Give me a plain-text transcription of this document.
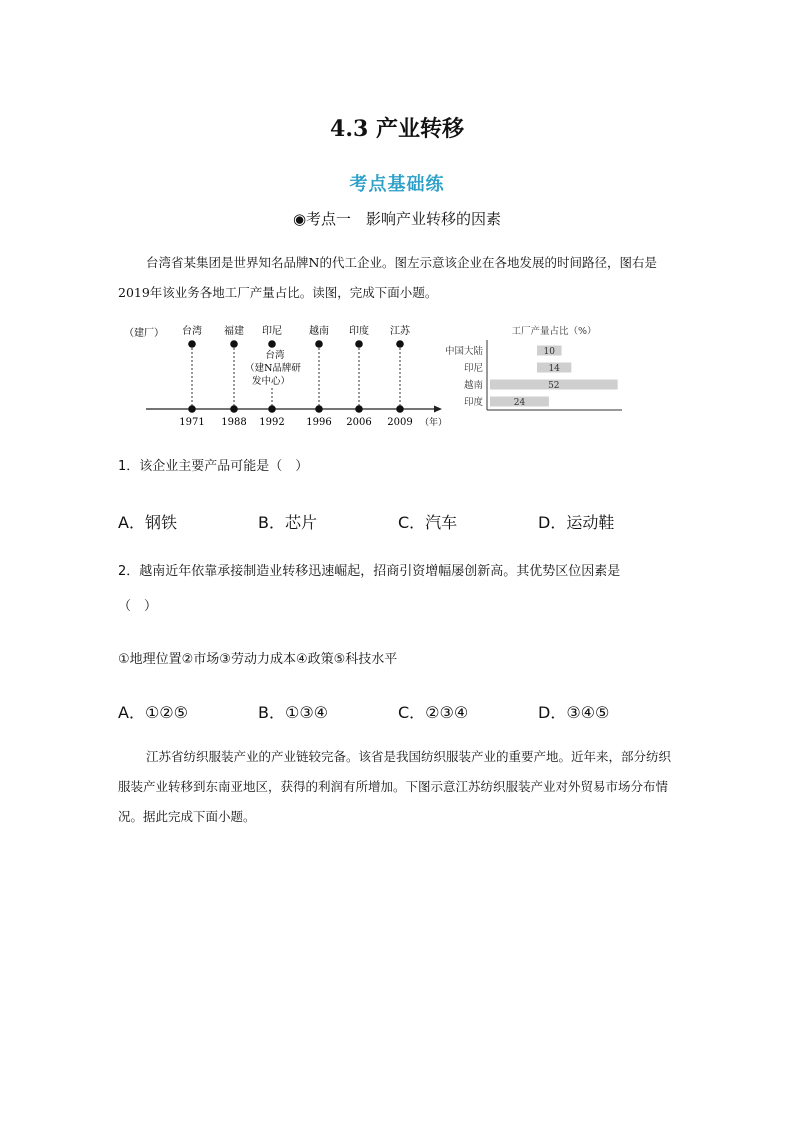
4.3 产业转移
考点基础练
◉考点一　影响产业转移的因素
台湾省某集团是世界知名品牌N的代工企业。图左示意该企业在各地发展的时间路径，图右是2019年该业务各地工厂产量占比。读图，完成下面小题。
（建厂）
（年）
台湾
1971
福建
1988
印尼
1992
越南
1996
印度
2006
江苏
2009
台湾
（建N品牌研
发中心）
工厂产量占比（%）
中国大陆	10
印尼	14
越南	52
印度	24
1．该企业主要产品可能是（　）
A．钢铁	B．芯片	C．汽车	D．运动鞋
2．越南近年依靠承接制造业转移迅速崛起，招商引资增幅屡创新高。其优势区位因素是
（　）
①地理位置②市场③劳动力成本④政策⑤科技水平
A．①②⑤	B．①③④	C．②③④	D．③④⑤
江苏省纺织服装产业的产业链较完备。该省是我国纺织服装产业的重要产地。近年来，部分纺织服装产业转移到东南亚地区，获得的利润有所增加。下图示意江苏纺织服装产业对外贸易市场分布情况。据此完成下面小题。
